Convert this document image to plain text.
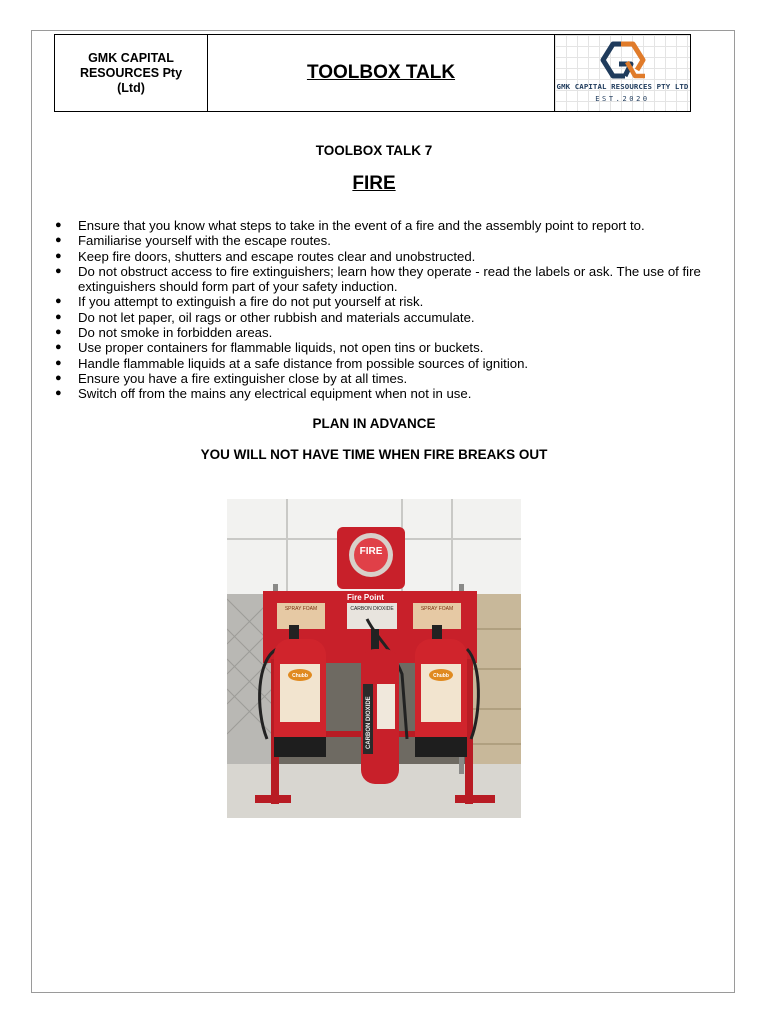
GMK CAPITAL RESOURCES Pty (Ltd)
TOOLBOX TALK
GMK CAPITAL RESOURCES PTY LTD
EST.2020
TOOLBOX TALK 7
FIRE
● Ensure that you know what steps to take in the event of a fire and the assembly point to report to.
● Familiarise yourself with the escape routes.
● Keep fire doors, shutters and escape routes clear and unobstructed.
● Do not obstruct access to fire extinguishers; learn how they operate - read the labels or ask. The use of fire extinguishers should form part of your safety induction.
● If you attempt to extinguish a fire do not put yourself at risk.
● Do not let paper, oil rags or other rubbish and materials accumulate.
● Do not smoke in forbidden areas.
● Use proper containers for flammable liquids, not open tins or buckets.
● Handle flammable liquids at a safe distance from possible sources of ignition.
● Ensure you have a fire extinguisher close by at all times.
● Switch off from the mains any electrical equipment when not in use.
PLAN IN ADVANCE
YOU WILL NOT HAVE TIME WHEN FIRE BREAKS OUT
FIRE
Fire Point
SPRAY FOAM	CARBON DIOXIDE	SPRAY FOAM
Chubb
CARBON DIOXIDE
Chubb
